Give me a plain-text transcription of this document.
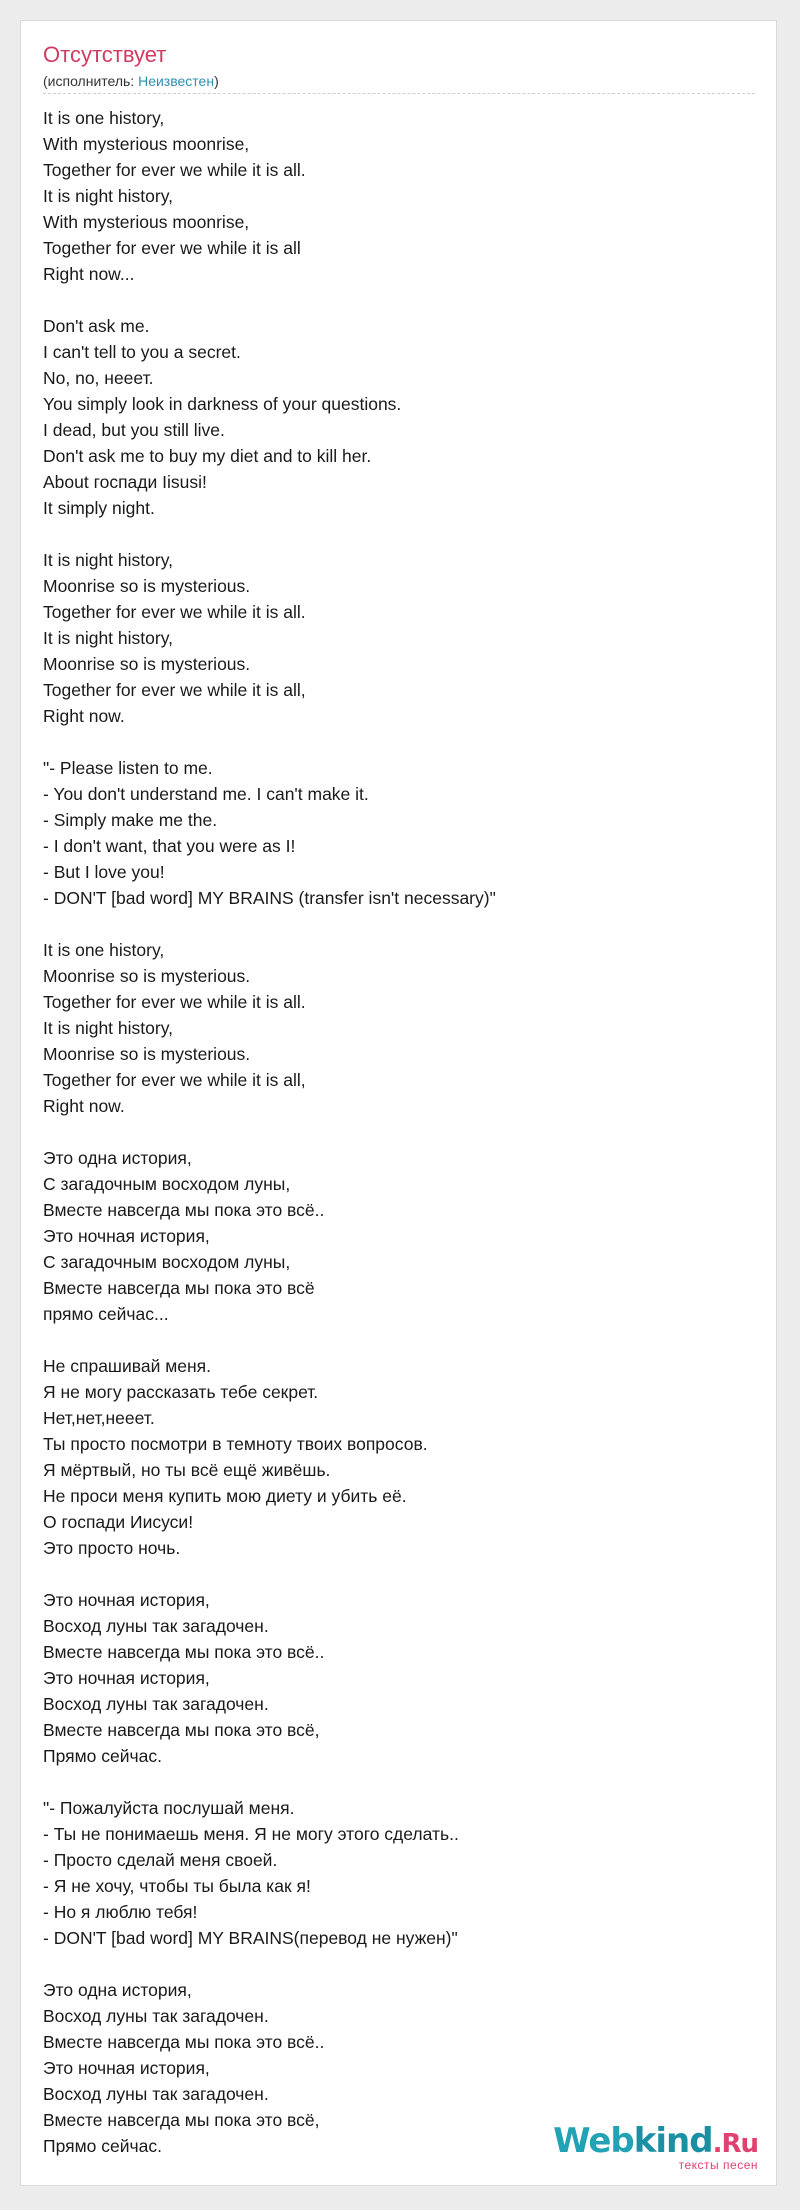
Отсутствует
(исполнитель: Неизвестен)
It is one history,
With mysterious moonrise,
Together for ever we while it is all.
It is night history,
With mysterious moonrise,
Together for ever we while it is all
Right now...
Don't ask me.
I can't tell to you a secret.
No, no, нееет.
You simply look in darkness of your questions.
I dead, but you still live.
Don't ask me to buy my diet and to kill her.
About госпади Iisusi!
It simply night.
It is night history,
Moonrise so is mysterious.
Together for ever we while it is all.
It is night history,
Moonrise so is mysterious.
Together for ever we while it is all,
Right now.
"- Please listen to me.
- You don't understand me. I can't make it.
- Simply make me the.
- I don't want, that you were as I!
- But I love you!
- DON'T [bad word] MY BRAINS (transfer isn't necessary)"
It is one history,
Moonrise so is mysterious.
Together for ever we while it is all.
It is night history,
Moonrise so is mysterious.
Together for ever we while it is all,
Right now.
Это одна история,
С загадочным восходом луны,
Вместе навсегда мы пока это всё..
Это ночная история,
С загадочным восходом луны,
Вместе навсегда мы пока это всё
прямо сейчас...
Не спрашивай меня.
Я не могу рассказать тебе секрет.
Нет,нет,нееет.
Ты просто посмотри в темноту твоих вопросов.
Я мёртвый, но ты всё ещё живёшь.
Не проси меня купить мою диету и убить её.
О госпади Иисуси!
Это просто ночь.
Это ночная история,
Восход луны так загадочен.
Вместе навсегда мы пока это всё..
Это ночная история,
Восход луны так загадочен.
Вместе навсегда мы пока это всё,
Прямо сейчас.
"- Пожалуйста послушай меня.
- Ты не понимаешь меня. Я не могу этого сделать..
- Просто сделай меня своей.
- Я не хочу, чтобы ты была как я!
- Но я люблю тебя!
- DON'T [bad word] MY BRAINS(перевод не нужен)"
Это одна история,
Восход луны так загадочен.
Вместе навсегда мы пока это всё..
Это ночная история,
Восход луны так загадочен.
Вместе навсегда мы пока это всё,
Прямо сейчас.	Webkind.Ru
тексты песен
